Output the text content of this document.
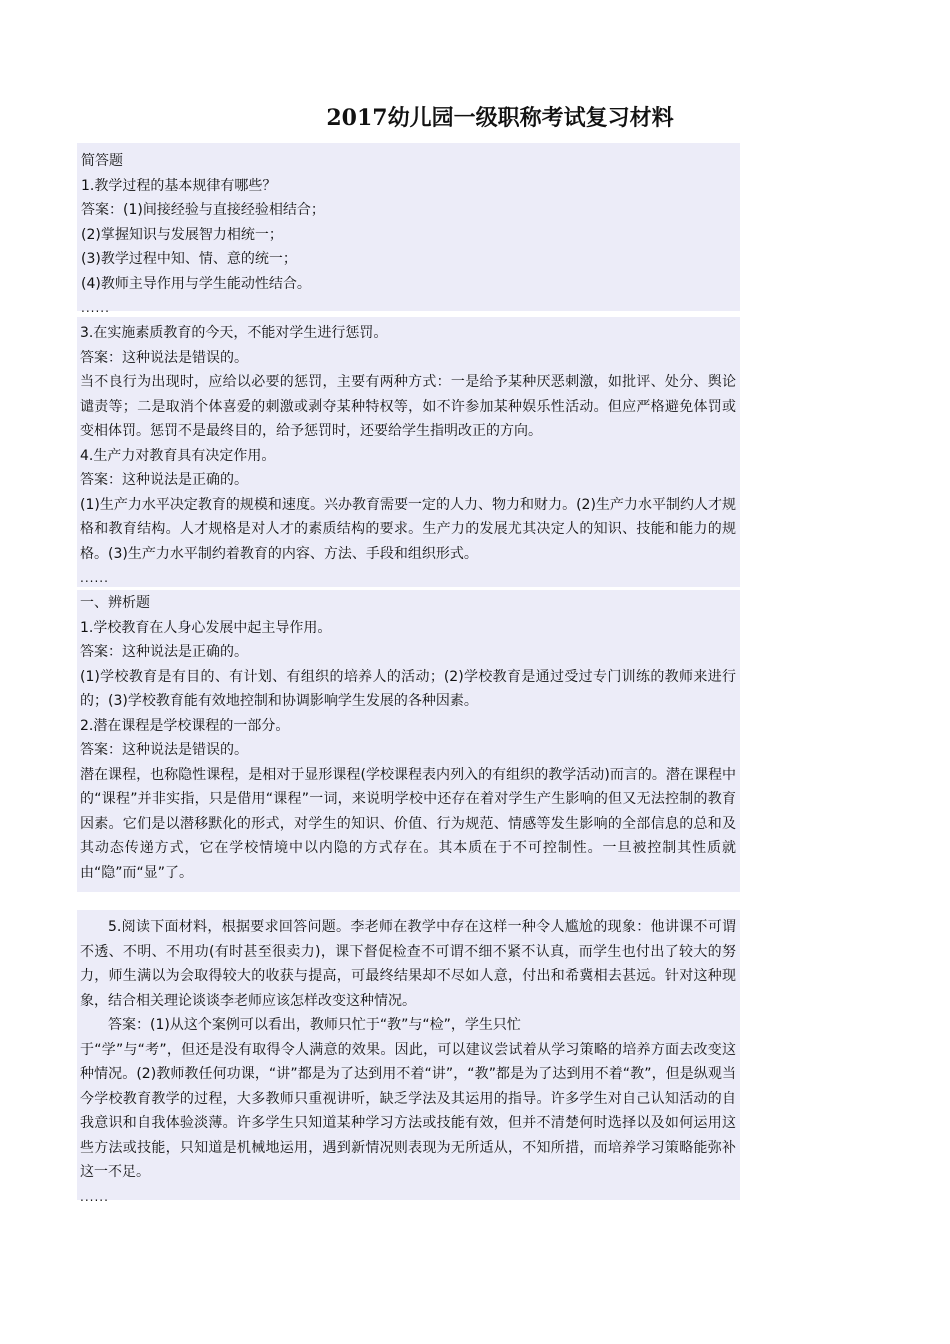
2017幼儿园一级职称考试复习材料

简答题

1.教学过程的基本规律有哪些？

答案：(1)间接经验与直接经验相结合；

(2)掌握知识与发展智力相统一；

(3)教学过程中知、情、意的统一；

(4)教师主导作用与学生能动性结合。

......

3.在实施素质教育的今天，不能对学生进行惩罚。

答案：这种说法是错误的。

当不良行为出现时，应给以必要的惩罚，主要有两种方式：一是给予某种厌恶刺激，如批评、处分、舆论谴责等；二是取消个体喜爱的刺激或剥夺某种特权等，如不许参加某种娱乐性活动。但应严格避免体罚或变相体罚。惩罚不是最终目的，给予惩罚时，还要给学生指明改正的方向。

4.生产力对教育具有决定作用。

答案：这种说法是正确的。

(1)生产力水平决定教育的规模和速度。兴办教育需要一定的人力、物力和财力。(2)生产力水平制约人才规格和教育结构。人才规格是对人才的素质结构的要求。生产力的发展尤其决定人的知识、技能和能力的规格。(3)生产力水平制约着教育的内容、方法、手段和组织形式。

......

一、辨析题

1.学校教育在人身心发展中起主导作用。

答案：这种说法是正确的。

(1)学校教育是有目的、有计划、有组织的培养人的活动；(2)学校教育是通过受过专门训练的教师来进行的；(3)学校教育能有效地控制和协调影响学生发展的各种因素。

2.潜在课程是学校课程的一部分。

答案：这种说法是错误的。

潜在课程，也称隐性课程，是相对于显形课程(学校课程表内列入的有组织的教学活动)而言的。潜在课程中的“课程”并非实指，只是借用“课程”一词，来说明学校中还存在着对学生产生影响的但又无法控制的教育因素。它们是以潜移默化的形式，对学生的知识、价值、行为规范、情感等发生影响的全部信息的总和及其动态传递方式，它在学校情境中以内隐的方式存在。其本质在于不可控制性。一旦被控制其性质就由“隐”而“显”了。

5.阅读下面材料，根据要求回答问题。李老师在教学中存在这样一种令人尴尬的现象：他讲课不可谓不透、不明、不用功(有时甚至很卖力)，课下督促检查不可谓不细不紧不认真，而学生也付出了较大的努力，师生满以为会取得较大的收获与提高，可最终结果却不尽如人意，付出和希冀相去甚远。针对这种现象，结合相关理论谈谈李老师应该怎样改变这种情况。

答案：(1)从这个案例可以看出，教师只忙于“教”与“检”，学生只忙

于“学”与“考”，但还是没有取得令人满意的效果。因此，可以建议尝试着从学习策略的培养方面去改变这种情况。(2)教师教任何功课，“讲”都是为了达到用不着“讲”，“教”都是为了达到用不着“教”，但是纵观当今学校教育教学的过程，大多教师只重视讲听，缺乏学法及其运用的指导。许多学生对自己认知活动的自我意识和自我体验淡薄。许多学生只知道某种学习方法或技能有效，但并不清楚何时选择以及如何运用这些方法或技能，只知道是机械地运用，遇到新情况则表现为无所适从，不知所措，而培养学习策略能弥补这一不足。

......
